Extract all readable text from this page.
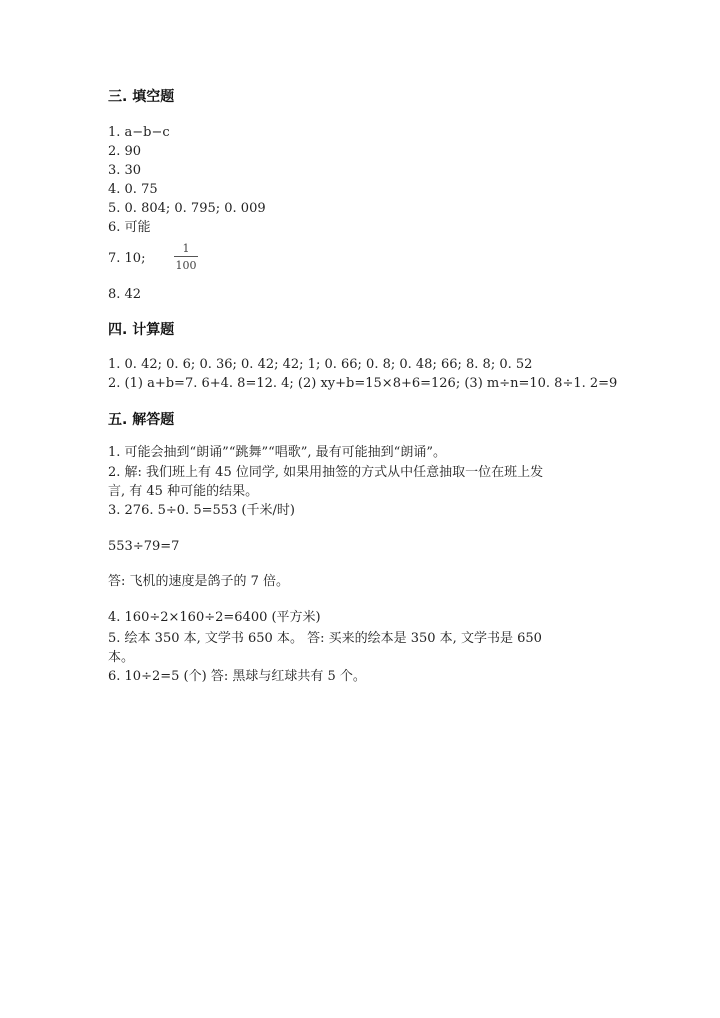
三. 填空题
1. a−b−c
2. 90
3. 30
4. 0. 75
5. 0. 804; 0. 795; 0. 009
6. 可能
7. 10;
1
100
8. 42
四. 计算题
1. 0. 42; 0. 6; 0. 36; 0. 42; 42; 1; 0. 66; 0. 8; 0. 48; 66; 8. 8; 0. 52
2. (1) a+b=7. 6+4. 8=12. 4; (2) xy+b=15×8+6=126; (3) m÷n=10. 8÷1. 2=9
五. 解答题
1. 可能会抽到“朗诵”“跳舞”“唱歌”, 最有可能抽到“朗诵”。
2. 解: 我们班上有 45 位同学, 如果用抽签的方式从中任意抽取一位在班上发
言, 有 45 种可能的结果。
3. 276. 5÷0. 5=553 (千米/时)
553÷79=7
答: 飞机的速度是鸽子的 7 倍。
4. 160÷2×160÷2=6400 (平方米)
5. 绘本 350 本, 文学书 650 本。 答: 买来的绘本是 350 本, 文学书是 650
本。
6. 10÷2=5 (个) 答: 黑球与红球共有 5 个。
